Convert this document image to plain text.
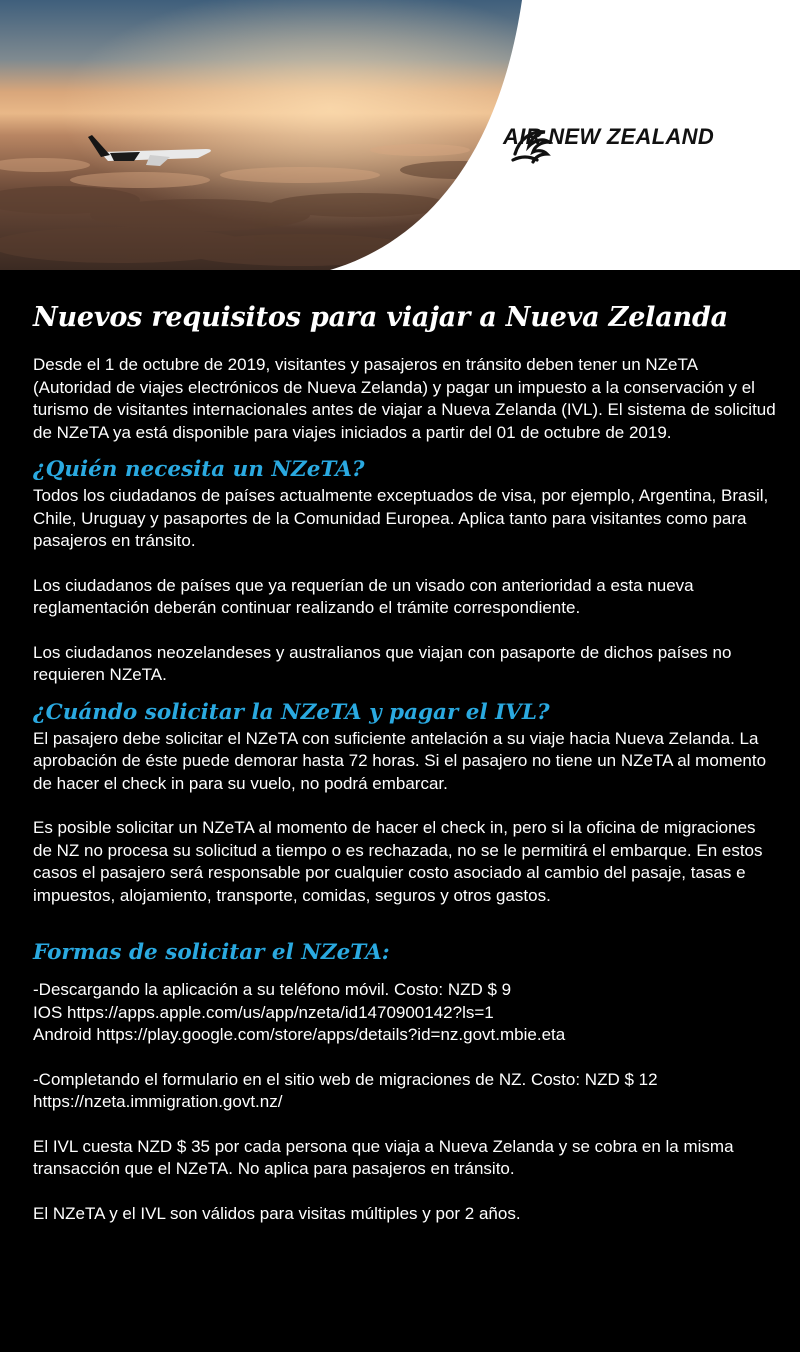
AIR NEW ZEALAND
Nuevos requisitos para viajar a Nueva Zelanda

Desde el 1 de octubre de 2019, visitantes y pasajeros en tránsito deben tener un NZeTA (Autoridad de viajes electrónicos de Nueva Zelanda) y pagar un impuesto a la conservación y el turismo de visitantes internacionales antes de viajar a Nueva Zelanda (IVL). El sistema de solicitud de NZeTA ya está disponible para viajes iniciados a partir del 01 de octubre de 2019.

¿Quién necesita un NZeTA?

Todos los ciudadanos de países actualmente exceptuados de visa, por ejemplo, Argentina, Brasil, Chile, Uruguay y pasaportes de la Comunidad Europea. Aplica tanto para visitantes como para pasajeros en tránsito.

Los ciudadanos de países que ya requerían de un visado con anterioridad a esta nueva reglamentación deberán continuar realizando el trámite correspondiente.

Los ciudadanos neozelandeses y australianos que viajan con pasaporte de dichos países no requieren NZeTA.

¿Cuándo solicitar la NZeTA y pagar el IVL?

El pasajero debe solicitar el NZeTA con suficiente antelación a su viaje hacia Nueva Zelanda. La aprobación de éste puede demorar hasta 72 horas. Si el pasajero no tiene un NZeTA al momento de hacer el check in para su vuelo, no podrá embarcar.

Es posible solicitar un NZeTA al momento de hacer el check in, pero si la oficina de migraciones de NZ no procesa su solicitud a tiempo o es rechazada, no se le permitirá el embarque. En estos casos el pasajero será responsable por cualquier costo asociado al cambio del pasaje, tasas e impuestos, alojamiento, transporte, comidas, seguros y otros gastos.

Formas de solicitar el NZeTA:

-Descargando la aplicación a su teléfono móvil. Costo: NZD $ 9
IOS https://apps.apple.com/us/app/nzeta/id1470900142?ls=1
Android https://play.google.com/store/apps/details?id=nz.govt.mbie.eta

-Completando el formulario en el sitio web de migraciones de NZ. Costo: NZD $ 12
https://nzeta.immigration.govt.nz/

El IVL cuesta NZD $ 35 por cada persona que viaja a Nueva Zelanda y se cobra en la misma transacción que el NZeTA. No aplica para pasajeros en tránsito.

El NZeTA y el IVL son válidos para visitas múltiples y por 2 años.
